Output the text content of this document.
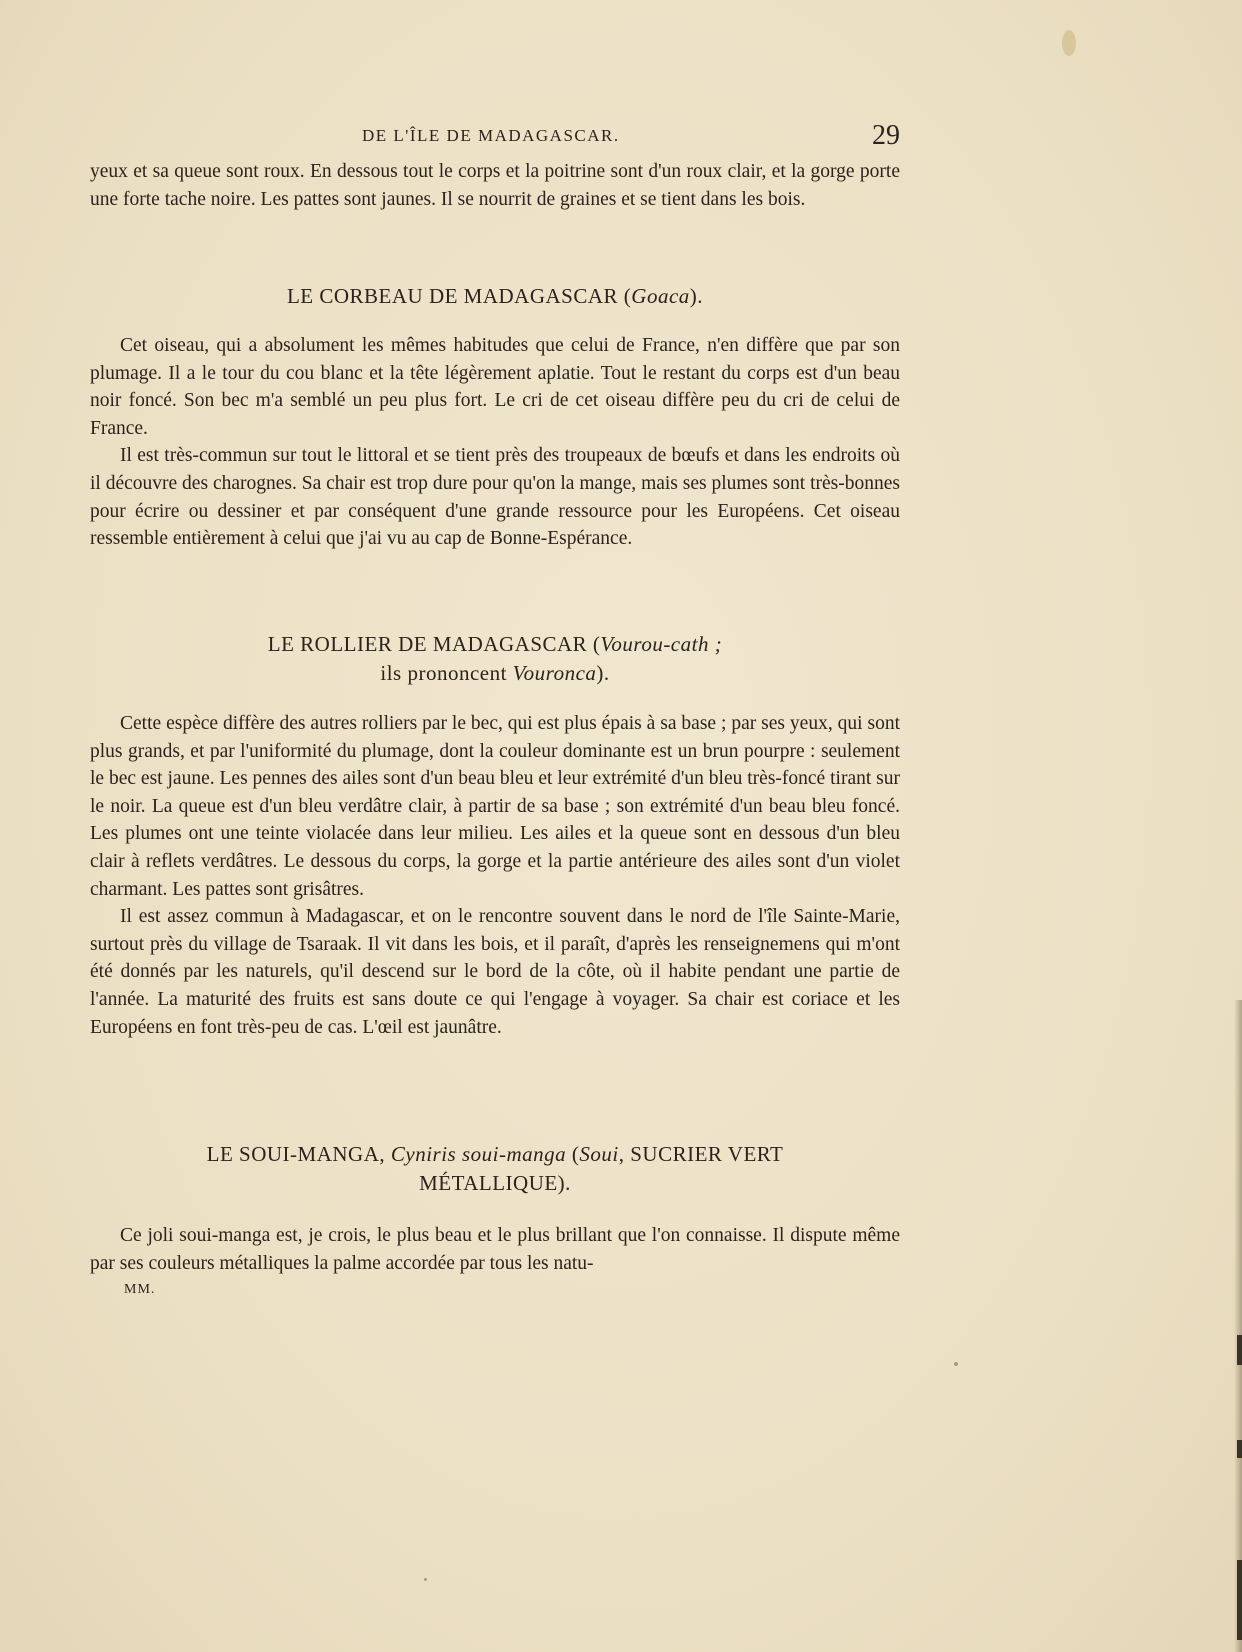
DE L'ÎLE DE MADAGASCAR.	29

yeux et sa queue sont roux. En dessous tout le corps et la poitrine sont d'un roux clair, et la gorge porte une forte tache noire. Les pattes sont jaunes. Il se nourrit de graines et se tient dans les bois.

LE CORBEAU DE MADAGASCAR (Goaca).

Cet oiseau, qui a absolument les mêmes habitudes que celui de France, n'en diffère que par son plumage. Il a le tour du cou blanc et la tête légèrement aplatie. Tout le restant du corps est d'un beau noir foncé. Son bec m'a semblé un peu plus fort. Le cri de cet oiseau diffère peu du cri de celui de France.

Il est très-commun sur tout le littoral et se tient près des troupeaux de bœufs et dans les endroits où il découvre des charognes. Sa chair est trop dure pour qu'on la mange, mais ses plumes sont très-bonnes pour écrire ou dessiner et par conséquent d'une grande ressource pour les Européens. Cet oiseau ressemble entièrement à celui que j'ai vu au cap de Bonne-Espérance.

LE ROLLIER DE MADAGASCAR (Vourou-cath ;
ils prononcent Vouronca).

Cette espèce diffère des autres rolliers par le bec, qui est plus épais à sa base ; par ses yeux, qui sont plus grands, et par l'uniformité du plumage, dont la couleur dominante est un brun pourpre : seulement le bec est jaune. Les pennes des ailes sont d'un beau bleu et leur extrémité d'un bleu très-foncé tirant sur le noir. La queue est d'un bleu verdâtre clair, à partir de sa base ; son extrémité d'un beau bleu foncé. Les plumes ont une teinte violacée dans leur milieu. Les ailes et la queue sont en dessous d'un bleu clair à reflets verdâtres. Le dessous du corps, la gorge et la partie antérieure des ailes sont d'un violet charmant. Les pattes sont grisâtres.

Il est assez commun à Madagascar, et on le rencontre souvent dans le nord de l'île Sainte-Marie, surtout près du village de Tsaraak. Il vit dans les bois, et il paraît, d'après les renseignemens qui m'ont été donnés par les naturels, qu'il descend sur le bord de la côte, où il habite pendant une partie de l'année. La maturité des fruits est sans doute ce qui l'engage à voyager. Sa chair est coriace et les Européens en font très-peu de cas. L'œil est jaunâtre.

LE SOUI-MANGA, Cyniris soui-manga (Soui, SUCRIER VERT
MÉTALLIQUE).

Ce joli soui-manga est, je crois, le plus beau et le plus brillant que l'on connaisse. Il dispute même par ses couleurs métalliques la palme accordée par tous les natu-

MM.
